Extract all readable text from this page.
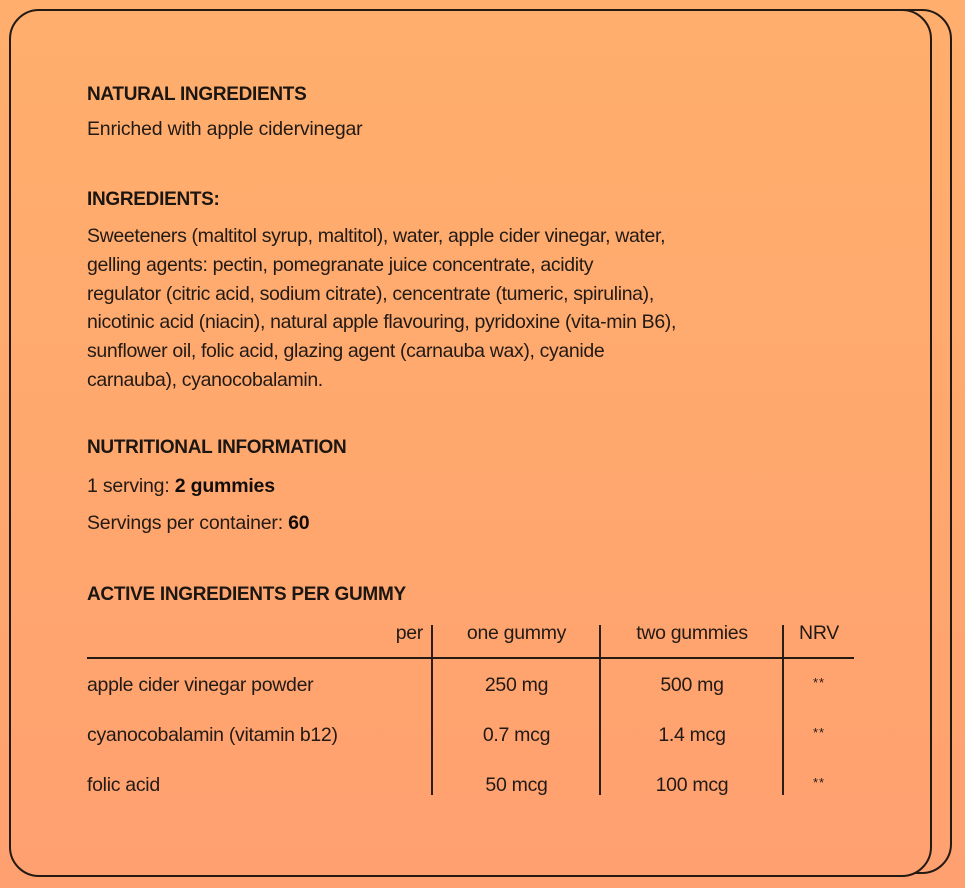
NATURAL INGREDIENTS
Enriched with apple cidervinegar
INGREDIENTS:
Sweeteners (maltitol syrup, maltitol), water, apple cider vinegar, water,
gelling agents: pectin, pomegranate juice concentrate, acidity
regulator (citric acid, sodium citrate), cencentrate (tumeric, spirulina),
nicotinic acid (niacin), natural apple flavouring, pyridoxine (vita-min B6),
sunflower oil, folic acid, glazing agent (carnauba wax), cyanide
carnauba), cyanocobalamin.
NUTRITIONAL INFORMATION
1 serving: 2 gummies
Servings per container: 60
ACTIVE INGREDIENTS PER GUMMY
per	one gummy	two gummies	NRV
apple cider vinegar powder	250 mg	500 mg	**
cyanocobalamin (vitamin b12)	0.7 mcg	1.4 mcg	**
folic acid	50 mcg	100 mcg	**
